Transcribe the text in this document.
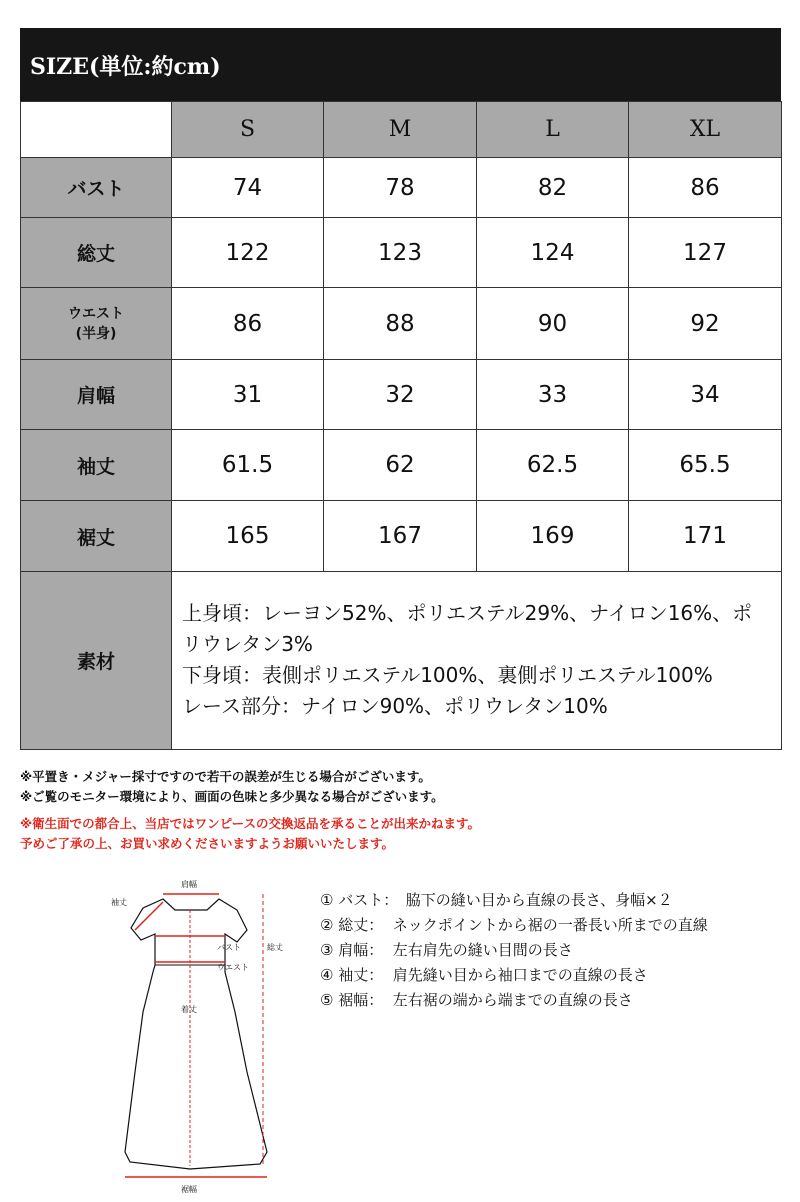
SIZE(単位:約cm)
	S	M	L	XL
バスト	74	78	82	86
総丈	122	123	124	127

ウエスト
(半身)	86	88	90	92
肩幅	31	32	33	34
袖丈	61.5	62	62.5	65.5
裾丈	165	167	169	171
素材	上身頃：レーヨン52%、ポリエステル29%、ナイロン16%、ポリウレタン3%
下身頃：表側ポリエステル100%、裏側ポリエステル100%
レース部分：ナイロン90%、ポリウレタン10%			
※平置き・メジャー採寸ですので若干の誤差が生じる場合がございます。
※ご覧のモニター環境により、画面の色味と多少異なる場合がございます。
※衛生面での都合上、当店ではワンピースの交換返品を承ることが出来かねます。
予めご了承の上、お買い求めくださいますようお願いいたします。
肩幅
袖丈
バスト
ウエスト
総丈
着丈
裾幅
① バスト：　脇下の縫い目から直線の長さ、身幅×２
② 総丈：  ネックポイントから裾の一番長い所までの直線
③ 肩幅：  左右肩先の縫い目間の長さ
④ 袖丈：  肩先縫い目から袖口までの直線の長さ
⑤ 裾幅：  左右裾の端から端までの直線の長さ
